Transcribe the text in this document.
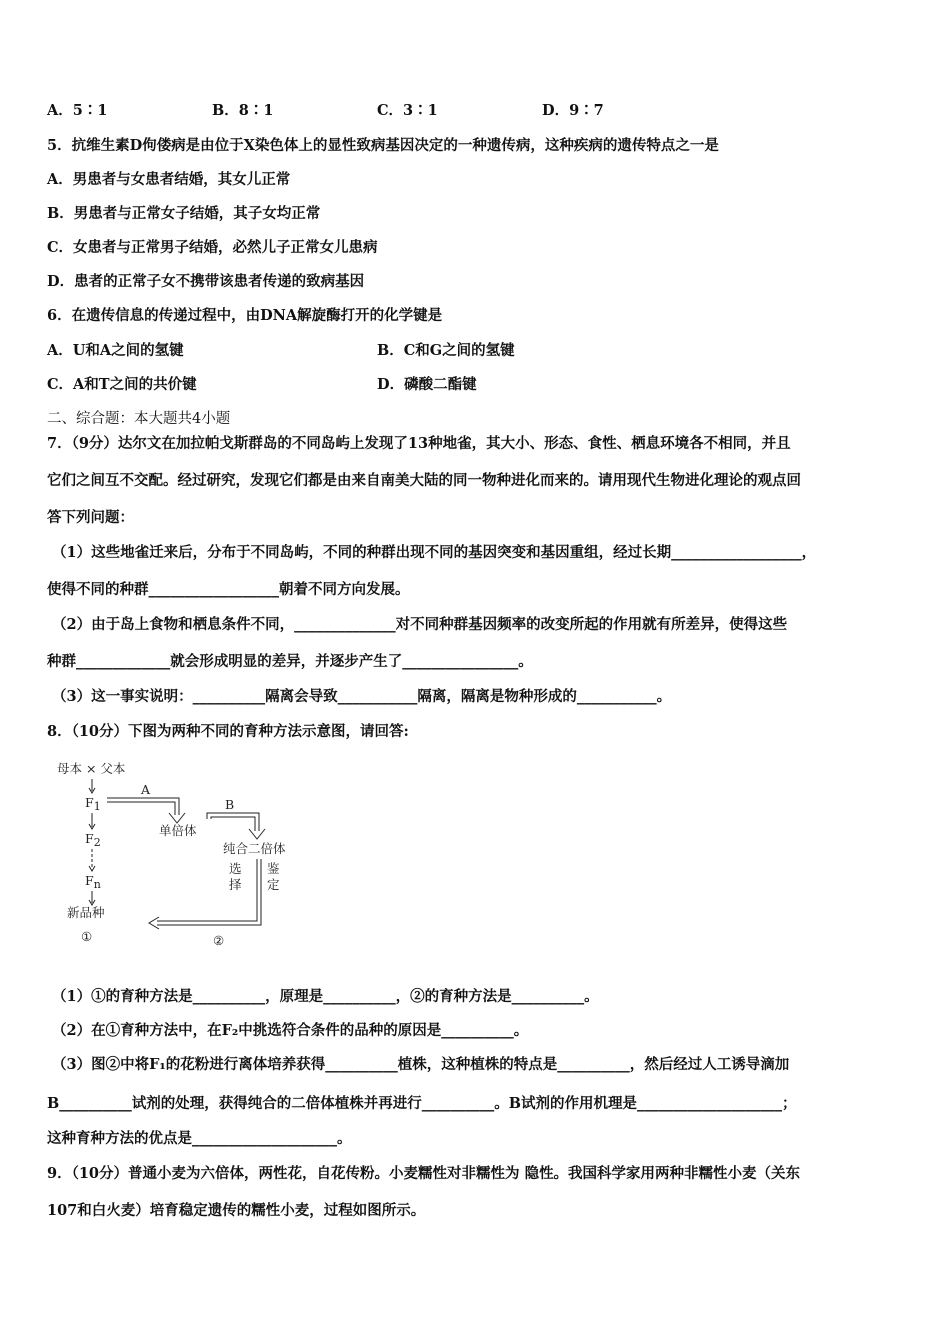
A．5∶1	B．8∶1	C．3∶1	D．9∶7
5．抗维生素D佝偻病是由位于X染色体上的显性致病基因决定的一种遗传病，这种疾病的遗传特点之一是
A．男患者与女患者结婚，其女儿正常
B．男患者与正常女子结婚，其子女均正常
C．女患者与正常男子结婚，必然儿子正常女儿患病
D．患者的正常子女不携带该患者传递的致病基因
6．在遗传信息的传递过程中，由DNA解旋酶打开的化学键是
A．U和A之间的氢键	B．C和G之间的氢键
C．A和T之间的共价键	D．磷酸二酯键
二、综合题：本大题共4小题
7．（9分）达尔文在加拉帕戈斯群岛的不同岛屿上发现了13种地雀，其大小、形态、食性、栖息环境各不相同，并且
它们之间互不交配。经过研究，发现它们都是由来自南美大陆的同一物种进化而来的。请用现代生物进化理论的观点回
答下列问题：
（1）这些地雀迁来后，分布于不同岛屿，不同的种群出现不同的基因突变和基因重组，经过长期__________________，
使得不同的种群__________________朝着不同方向发展。
（2）由于岛上食物和栖息条件不同，______________对不同种群基因频率的改变所起的作用就有所差异，使得这些
种群_____________就会形成明显的差异，并逐步产生了________________。
（3）这一事实说明：__________隔离会导致___________隔离，隔离是物种形成的___________。
8．（10分）下图为两种不同的育种方法示意图，请回答:
母本 × 父本
F1
F2
Fn
新品种
①
A
单倍体
B
纯合二倍体
选
择
鉴
定
②
（1）①的育种方法是__________，原理是__________，②的育种方法是__________。
（2）在①育种方法中，在F₂中挑选符合条件的品种的原因是__________。
（3）图②中将F₁的花粉进行离体培养获得__________植株，这种植株的特点是__________，然后经过人工诱导滴加
B__________试剂的处理，获得纯合的二倍体植株并再进行__________。B试剂的作用机理是____________________；
这种育种方法的优点是____________________。
9．（10分）普通小麦为六倍体，两性花，自花传粉。小麦糯性对非糯性为 隐性。我国科学家用两种非糯性小麦（关东
107和白火麦）培育稳定遗传的糯性小麦，过程如图所示。
